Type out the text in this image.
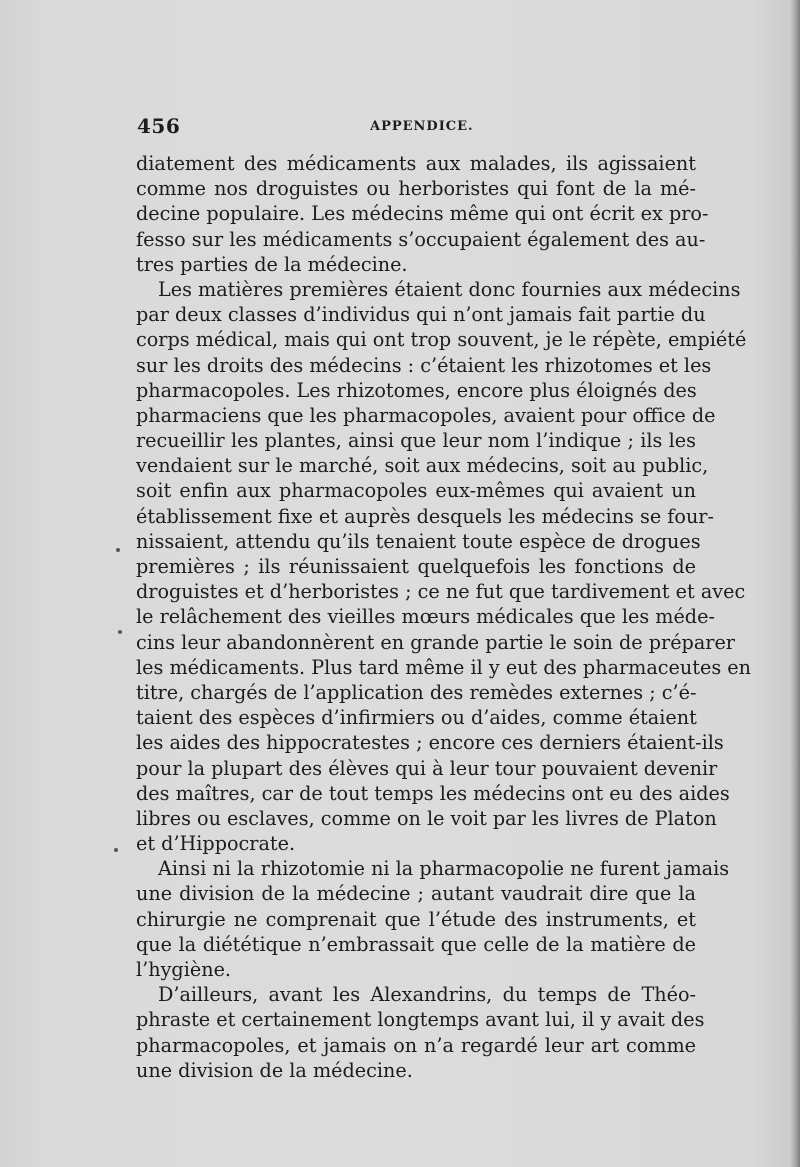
456	APPENDICE.
diatement des médicaments aux malades, ils agissaient
comme nos droguistes ou herboristes qui font de la mé-
decine populaire. Les médecins même qui ont écrit ex pro-
fesso sur les médicaments s’occupaient également des au-
tres parties de la médecine.
Les matières premières étaient donc fournies aux médecins
par deux classes d’individus qui n’ont jamais fait partie du
corps médical, mais qui ont trop souvent, je le répète, empiété
sur les droits des médecins : c’étaient les rhizotomes et les
pharmacopoles. Les rhizotomes, encore plus éloignés des
pharmaciens que les pharmacopoles, avaient pour office de
recueillir les plantes, ainsi que leur nom l’indique ; ils les
vendaient sur le marché, soit aux médecins, soit au public,
soit enfin aux pharmacopoles eux-mêmes qui avaient un
établissement fixe et auprès desquels les médecins se four-
nissaient, attendu qu’ils tenaient toute espèce de drogues
premières ; ils réunissaient quelquefois les fonctions de
droguistes et d’herboristes ; ce ne fut que tardivement et avec
le relâchement des vieilles mœurs médicales que les méde-
cins leur abandonnèrent en grande partie le soin de préparer
les médicaments. Plus tard même il y eut des pharmaceutes en
titre, chargés de l’application des remèdes externes ; c’é-
taient des espèces d’infirmiers ou d’aides, comme étaient
les aides des hippocratestes ; encore ces derniers étaient-ils
pour la plupart des élèves qui à leur tour pouvaient devenir
des maîtres, car de tout temps les médecins ont eu des aides
libres ou esclaves, comme on le voit par les livres de Platon
et d’Hippocrate.
Ainsi ni la rhizotomie ni la pharmacopolie ne furent jamais
une division de la médecine ; autant vaudrait dire que la
chirurgie ne comprenait que l’étude des instruments, et
que la diététique n’embrassait que celle de la matière de
l’hygiène.
D’ailleurs, avant les Alexandrins, du temps de Théo-
phraste et certainement longtemps avant lui, il y avait des
pharmacopoles, et jamais on n’a regardé leur art comme
une division de la médecine.
